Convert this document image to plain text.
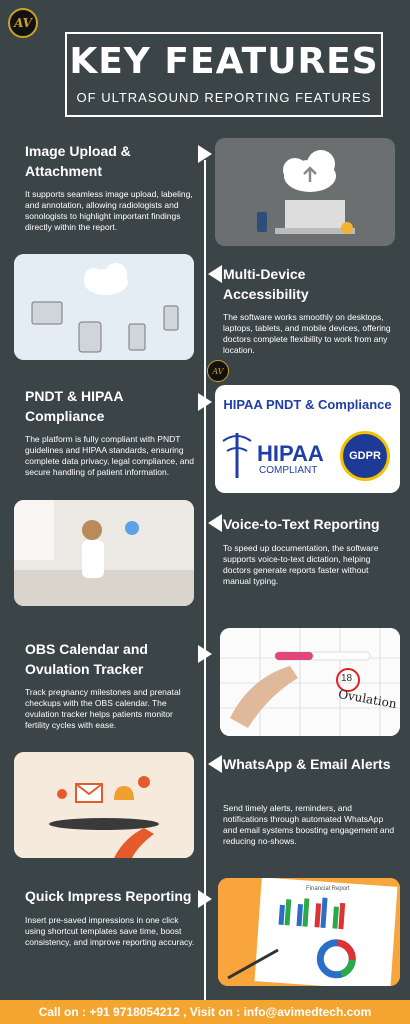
AV
KEY FEATURES
OF ULTRASOUND REPORTING FEATURES
AV
Image Upload & Attachment
It supports seamless image upload, labeling, and annotation, allowing radiologists and sonologists to highlight important findings directly within the report.
Multi-Device Accessibility
The software works smoothly on desktops, laptops, tablets, and mobile devices, offering doctors complete flexibility to work from any location.
PNDT & HIPAA Compliance
The platform is fully compliant with PNDT guidelines and HIPAA standards, ensuring complete data privacy, legal compliance, and secure handling of patient information.
HIPAA PNDT & Compliance
HIPAA
COMPLIANT
GDPR
Voice-to-Text Reporting
To speed up documentation, the software supports voice-to-text dictation, helping doctors generate reports faster without manual typing.
OBS Calendar and Ovulation Tracker
Track pregnancy milestones and prenatal checkups with the OBS calendar. The ovulation tracker helps patients monitor fertility cycles with ease.
18
Ovulation
WhatsApp & Email Alerts
Send timely alerts, reminders, and notifications through automated WhatsApp and email systems boosting engagement and reducing no-shows.
Quick Impress Reporting
Insert pre-saved impressions in one click using shortcut templates save time, boost consistency, and improve reporting accuracy.
Financial Report
Call on : +91 9718054212 , Visit on : info@avimedtech.com
